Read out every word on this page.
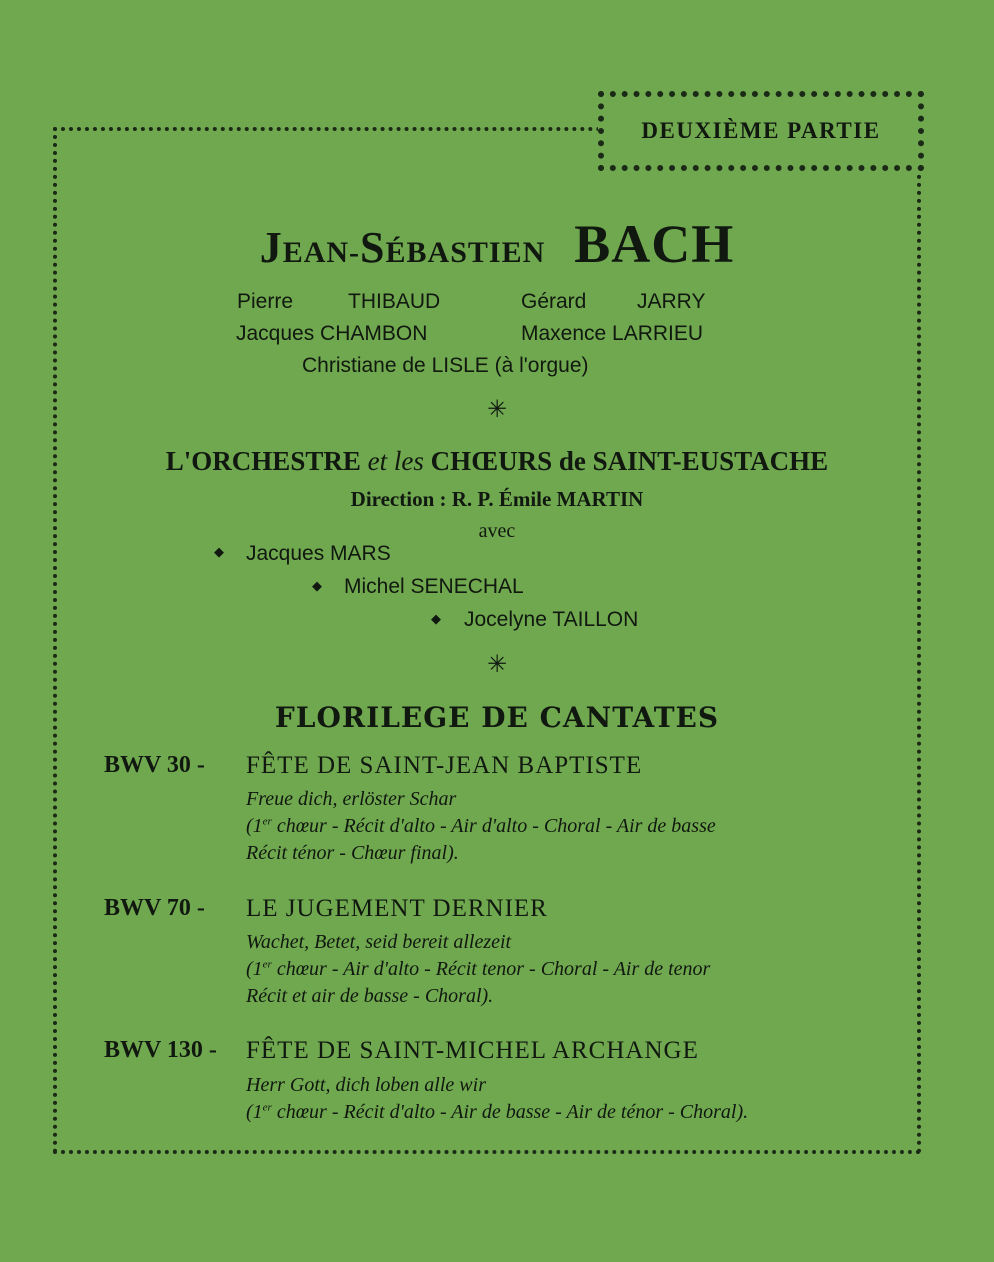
DEUXIÈME PARTIE
JEAN-SÉBASTIEN BACH
Pierre	THIBAUD	Gérard JARRY
Jacques CHAMBON	Maxence LARRIEU
Christiane de LISLE (à l'orgue)
✳
L'ORCHESTRE et les CHŒURS de SAINT-EUSTACHE
Direction : R. P. Émile MARTIN
avec
◆ Jacques MARS
◆ Michel SENECHAL
◆ Jocelyne TAILLON
✳
FLORILEGE DE CANTATES
BWV 30 - FÊTE DE SAINT-JEAN BAPTISTE
Freue dich, erlöster Schar
(1er chœur - Récit d'alto - Air d'alto - Choral - Air de basse
Récit ténor - Chœur final).
BWV 70 - LE JUGEMENT DERNIER
Wachet, Betet, seid bereit allezeit
(1er chœur - Air d'alto - Récit tenor - Choral - Air de tenor
Récit et air de basse - Choral).
BWV 130 - FÊTE DE SAINT-MICHEL ARCHANGE
Herr Gott, dich loben alle wir
(1er chœur - Récit d'alto - Air de basse - Air de ténor - Choral).
